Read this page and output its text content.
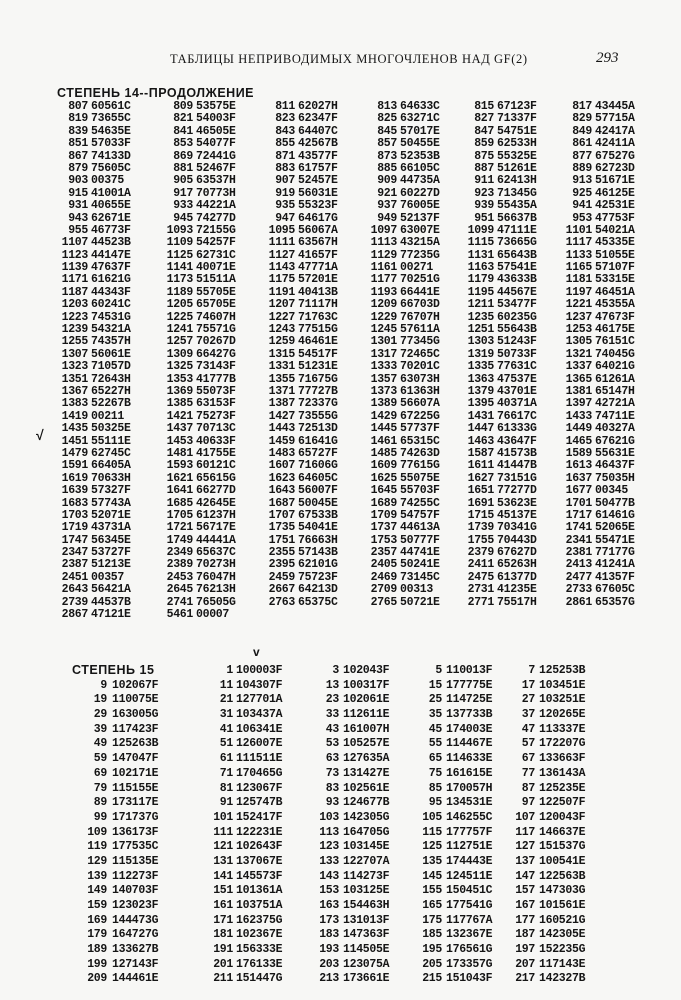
ТАБЛИЦЫ НЕПРИВОДИМЫХ МНОГОЧЛЕНОВ НАД GF(2)	293
СТЕПЕНЬ 14--ПРОДОЛЖЕНИЕ
807 60561C	809 53575E	811 62027H	813 64633C	815 67123F	817 43445A
819 73655C	821 54003F	823 62347F	825 63271C	827 71337F	829 57715A
839 54635E	841 46505E	843 64407C	845 57017E	847 54751E	849 42417A
851 57033F	853 54077F	855 42567B	857 50455E	859 62533H	861 42411A
867 74133D	869 72441G	871 43577F	873 52353B	875 55325E	877 67527G
879 75605C	881 52467F	883 61757F	885 66105C	887 51261E	889 62723D
903 00375	905 63537H	907 52457E	909 44735A	911 62413H	913 51671E
915 41001A	917 70773H	919 56031E	921 60227D	923 71345G	925 46125E
931 40655E	933 44221A	935 55323F	937 76005E	939 55435A	941 42531E
943 62671E	945 74277D	947 64617G	949 52137F	951 56637B	953 47753F
955 46773F	1093 72155G	1095 56067A	1097 63007E	1099 47111E	1101 54021A
1107 44523B	1109 54257F	1111 63567H	1113 43215A	1115 73665G	1117 45335E
1123 44147E	1125 62731C	1127 41657F	1129 77235G	1131 65643B	1133 51055E
1139 47637F	1141 40071E	1143 47771A	1161 00271	1163 57541E	1165 57107F
1171 61621G	1173 51511A	1175 57201E	1177 70251G	1179 43633B	1181 53315E
1187 44343F	1189 55705E	1191 40413B	1193 66441E	1195 44567E	1197 46451A
1203 60241C	1205 65705E	1207 71117H	1209 66703D	1211 53477F	1221 45355A
1223 74531G	1225 74607H	1227 71763C	1229 76707H	1235 60235G	1237 47673F
1239 54321A	1241 75571G	1243 77515G	1245 57611A	1251 55643B	1253 46175E
1255 74357H	1257 70267D	1259 46461E	1301 77345G	1303 51243F	1305 76151C
1307 56061E	1309 66427G	1315 54517F	1317 72465C	1319 50733F	1321 74045G
1323 71057D	1325 73143F	1331 51231E	1333 70201C	1335 77631C	1337 64021G
1351 72643H	1353 41777B	1355 71675G	1357 63073H	1363 47537E	1365 61261A
1367 65227H	1369 55073F	1371 77727B	1373 61363H	1379 43701E	1381 65147H
1383 52267B	1385 63153F	1387 72337G	1389 56607A	1395 40371A	1397 42721A
1419 00211	1421 75273F	1427 73555G	1429 67225G	1431 76617C	1433 74711E
1435 50325E	1437 70713C	1443 72513D	1445 57737F	1447 61333G	1449 40327A
1451 55111E	1453 40633F	1459 61641G	1461 65315C	1463 43647F	1465 67621G
1479 62745C	1481 41755E	1483 65727F	1485 74263D	1587 41573B	1589 55631E
1591 66405A	1593 60121C	1607 71606G	1609 77615G	1611 41447B	1613 46437F
1619 70633H	1621 65615G	1623 64605C	1625 55075E	1627 73151G	1637 75035H
1639 57327F	1641 66277D	1643 56007F	1645 55703F	1651 77277D	1677 00345
1683 57743A	1685 42645E	1687 50045E	1689 74255C	1691 53623E	1701 50477B
1703 52071E	1705 61237H	1707 67533B	1709 54757F	1715 45137E	1717 61461G
1719 43731A	1721 56717E	1735 54041E	1737 44613A	1739 70341G	1741 52065E
1747 56345E	1749 44441A	1751 76663H	1753 50777F	1755 70443D	2341 55471E
2347 53727F	2349 65637C	2355 57143B	2357 44741E	2379 67627D	2381 77177G
2387 51213E	2389 70273H	2395 62101G	2405 50241E	2411 65263H	2413 41241A
2451 00357	2453 76047H	2459 75723F	2469 73145C	2475 61377D	2477 41357F
2643 56421A	2645 76213H	2667 64213D	2709 00313	2731 41235E	2733 67605C
2739 44537B	2741 76505G	2763 65375C	2765 50721E	2771 75517H	2861 65357G
2867 47121E	5461 00007
√
v
СТЕПЕНЬ 15	1 100003F	3 102043F	5 110013F	7 125253B
9 102067F	11 104307F	13 100317F	15 177775E	17 103451E
19 110075E	21 127701A	23 102061E	25 114725E	27 103251E
29 163005G	31 103437A	33 112611E	35 137733B	37 120265E
39 117423F	41 106341E	43 161007H	45 174003E	47 113337E
49 125263B	51 126007E	53 105257E	55 114467E	57 172207G
59 147047F	61 111511E	63 127635A	65 114633E	67 133663F
69 102171E	71 170465G	73 131427E	75 161615E	77 136143A
79 115155E	81 123067F	83 102561E	85 170057H	87 125235E
89 173117E	91 125747B	93 124677B	95 134531E	97 122507F
99 171737G	101 152417F	103 142305G	105 146255C	107 120043F
109 136173F	111 122231E	113 164705G	115 177757F	117 146637E
119 177535C	121 102643F	123 103145E	125 112751E	127 151537G
129 115135E	131 137067E	133 122707A	135 174443E	137 100541E
139 112273F	141 145573F	143 114273F	145 124511E	147 122563B
149 140703F	151 101361A	153 103125E	155 150451C	157 147303G
159 123023F	161 103751A	163 154463H	165 177541G	167 101561E
169 144473G	171 162375G	173 131013F	175 117767A	177 160521G
179 164727G	181 102367E	183 147363F	185 132367E	187 142305E
189 133627B	191 156333E	193 114505E	195 176561G	197 152235G
199 127143F	201 176133E	203 123075A	205 173357G	207 117143E
209 144461E	211 151447G	213 173661E	215 151043F	217 142327B
